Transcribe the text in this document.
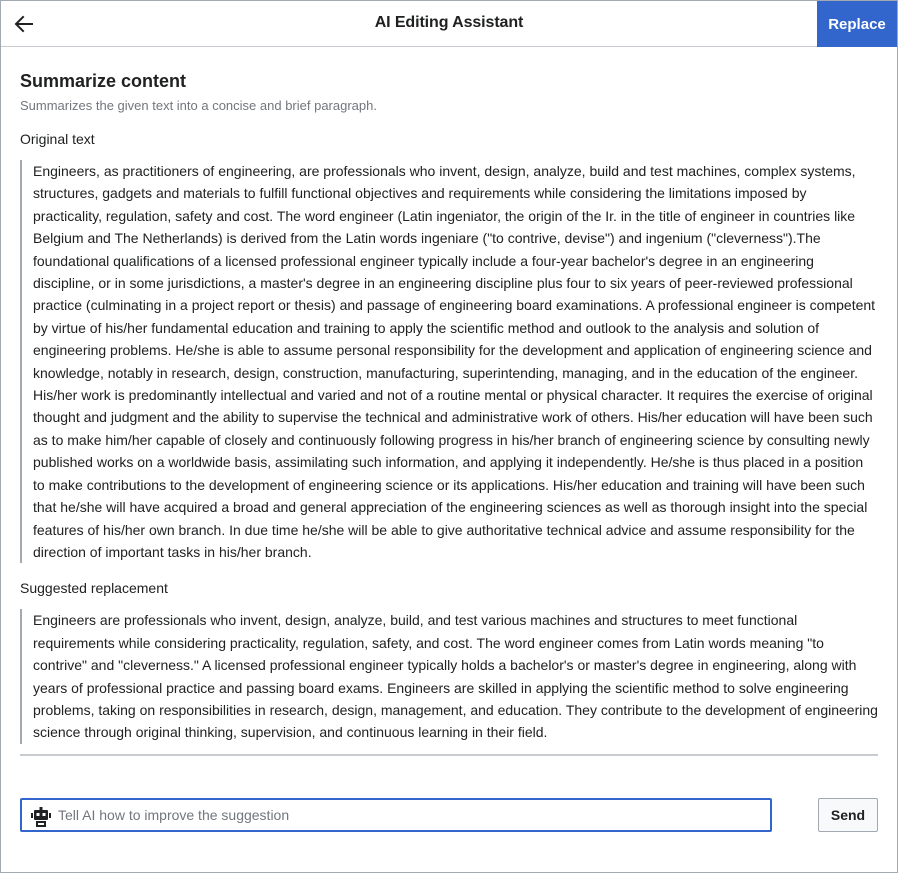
AI Editing Assistant	Replace
Summarize content
Summarizes the given text into a concise and brief paragraph.
Original text
Engineers, as practitioners of engineering, are professionals who invent, design, analyze, build and test machines, complex systems, structures, gadgets and materials to fulfill functional objectives and requirements while considering the limitations imposed by practicality, regulation, safety and cost. The word engineer (Latin ingeniator, the origin of the Ir. in the title of engineer in countries like Belgium and The Netherlands) is derived from the Latin words ingeniare ("to contrive, devise") and ingenium ("cleverness").The foundational qualifications of a licensed professional engineer typically include a four-year bachelor's degree in an engineering discipline, or in some jurisdictions, a master's degree in an engineering discipline plus four to six years of peer-reviewed professional practice (culminating in a project report or thesis) and passage of engineering board examinations. A professional engineer is competent by virtue of his/her fundamental education and training to apply the scientific method and outlook to the analysis and solution of engineering problems. He/she is able to assume personal responsibility for the development and application of engineering science and knowledge, notably in research, design, construction, manufacturing, superintending, managing, and in the education of the engineer. His/her work is predominantly intellectual and varied and not of a routine mental or physical character. It requires the exercise of original thought and judgment and the ability to supervise the technical and administrative work of others. His/her education will have been such as to make him/her capable of closely and continuously following progress in his/her branch of engineering science by consulting newly published works on a worldwide basis, assimilating such information, and applying it independently. He/she is thus placed in a position to make contributions to the development of engineering science or its applications. His/her education and training will have been such that he/she will have acquired a broad and general appreciation of the engineering sciences as well as thorough insight into the special features of his/her own branch. In due time he/she will be able to give authoritative technical advice and assume responsibility for the direction of important tasks in his/her branch.
Suggested replacement
Engineers are professionals who invent, design, analyze, build, and test various machines and structures to meet functional requirements while considering practicality, regulation, safety, and cost. The word engineer comes from Latin words meaning "to contrive" and "cleverness." A licensed professional engineer typically holds a bachelor's or master's degree in engineering, along with years of professional practice and passing board exams. Engineers are skilled in applying the scientific method to solve engineering problems, taking on responsibilities in research, design, management, and education. They contribute to the development of engineering science through original thinking, supervision, and continuous learning in their field.
Tell AI how to improve the suggestion
Send
